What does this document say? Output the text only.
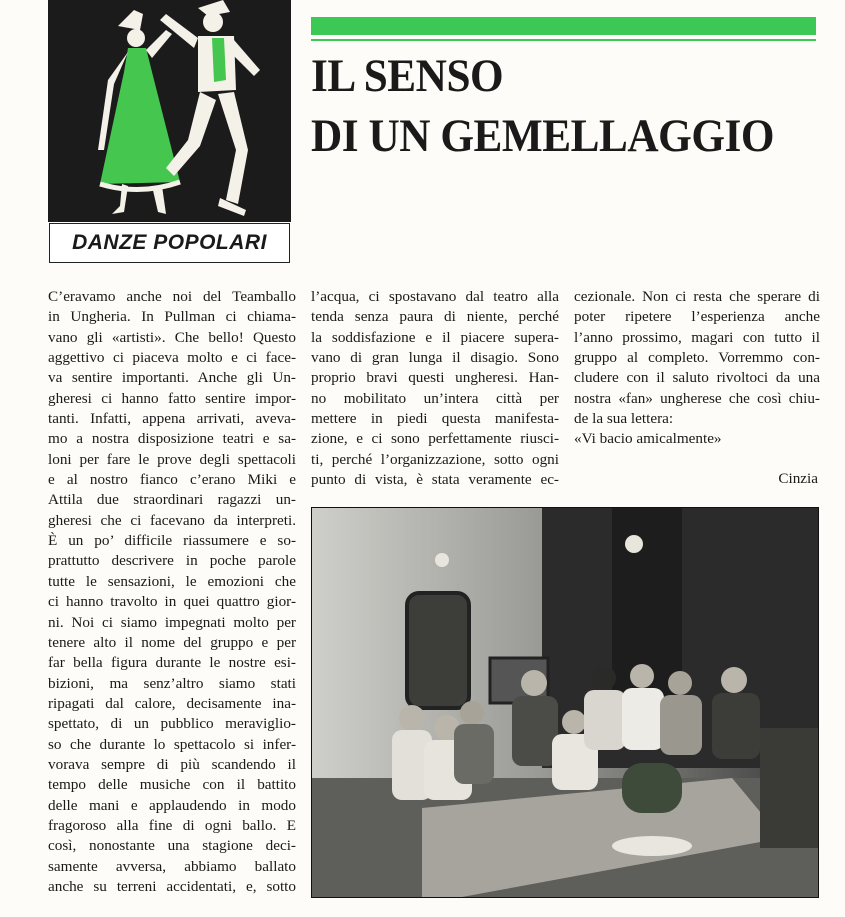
DANZE POPOLARI
IL SENSO
DI UN GEMELLAGGIO
C’eravamo anche noi del Teamballo
in Ungheria. In Pullman ci chiama-
vano gli «artisti». Che bello! Questo
aggettivo ci piaceva molto e ci face-
va sentire importanti. Anche gli Un-
gheresi ci hanno fatto sentire impor-
tanti. Infatti, appena arrivati, aveva-
mo a nostra disposizione teatri e sa-
loni per fare le prove degli spettacoli
e al nostro fianco c’erano Miki e
Attila due straordinari ragazzi un-
gheresi che ci facevano da interpreti.
È un po’ difficile riassumere e so-
prattutto descrivere in poche parole
tutte le sensazioni, le emozioni che
ci hanno travolto in quei quattro gior-
ni. Noi ci siamo impegnati molto per
tenere alto il nome del gruppo e per
far bella figura durante le nostre esi-
bizioni, ma senz’altro siamo stati
ripagati dal calore, decisamente ina-
spettato, di un pubblico meraviglio-
so che durante lo spettacolo si infer-
vorava sempre di più scandendo il
tempo delle musiche con il battito
delle mani e applaudendo in modo
fragoroso alla fine di ogni ballo. E
così, nonostante una stagione deci-
samente avversa, abbiamo ballato
anche su terreni accidentati, e, sotto
l’acqua, ci spostavano dal teatro alla
tenda senza paura di niente, perché
la soddisfazione e il piacere supera-
vano di gran lunga il disagio. Sono
proprio bravi questi ungheresi. Han-
no mobilitato un’intera città per
mettere in piedi questa manifesta-
zione, e ci sono perfettamente riusci-
ti, perché l’organizzazione, sotto ogni
punto di vista, è stata veramente ec-
cezionale. Non ci resta che sperare di
poter ripetere l’esperienza anche
l’anno prossimo, magari con tutto il
gruppo al completo. Vorremmo con-
cludere con il saluto rivoltoci da una
nostra «fan» ungherese che così chiu-
de la sua lettera:
«Vi bacio amicalmente»
Cinzia
